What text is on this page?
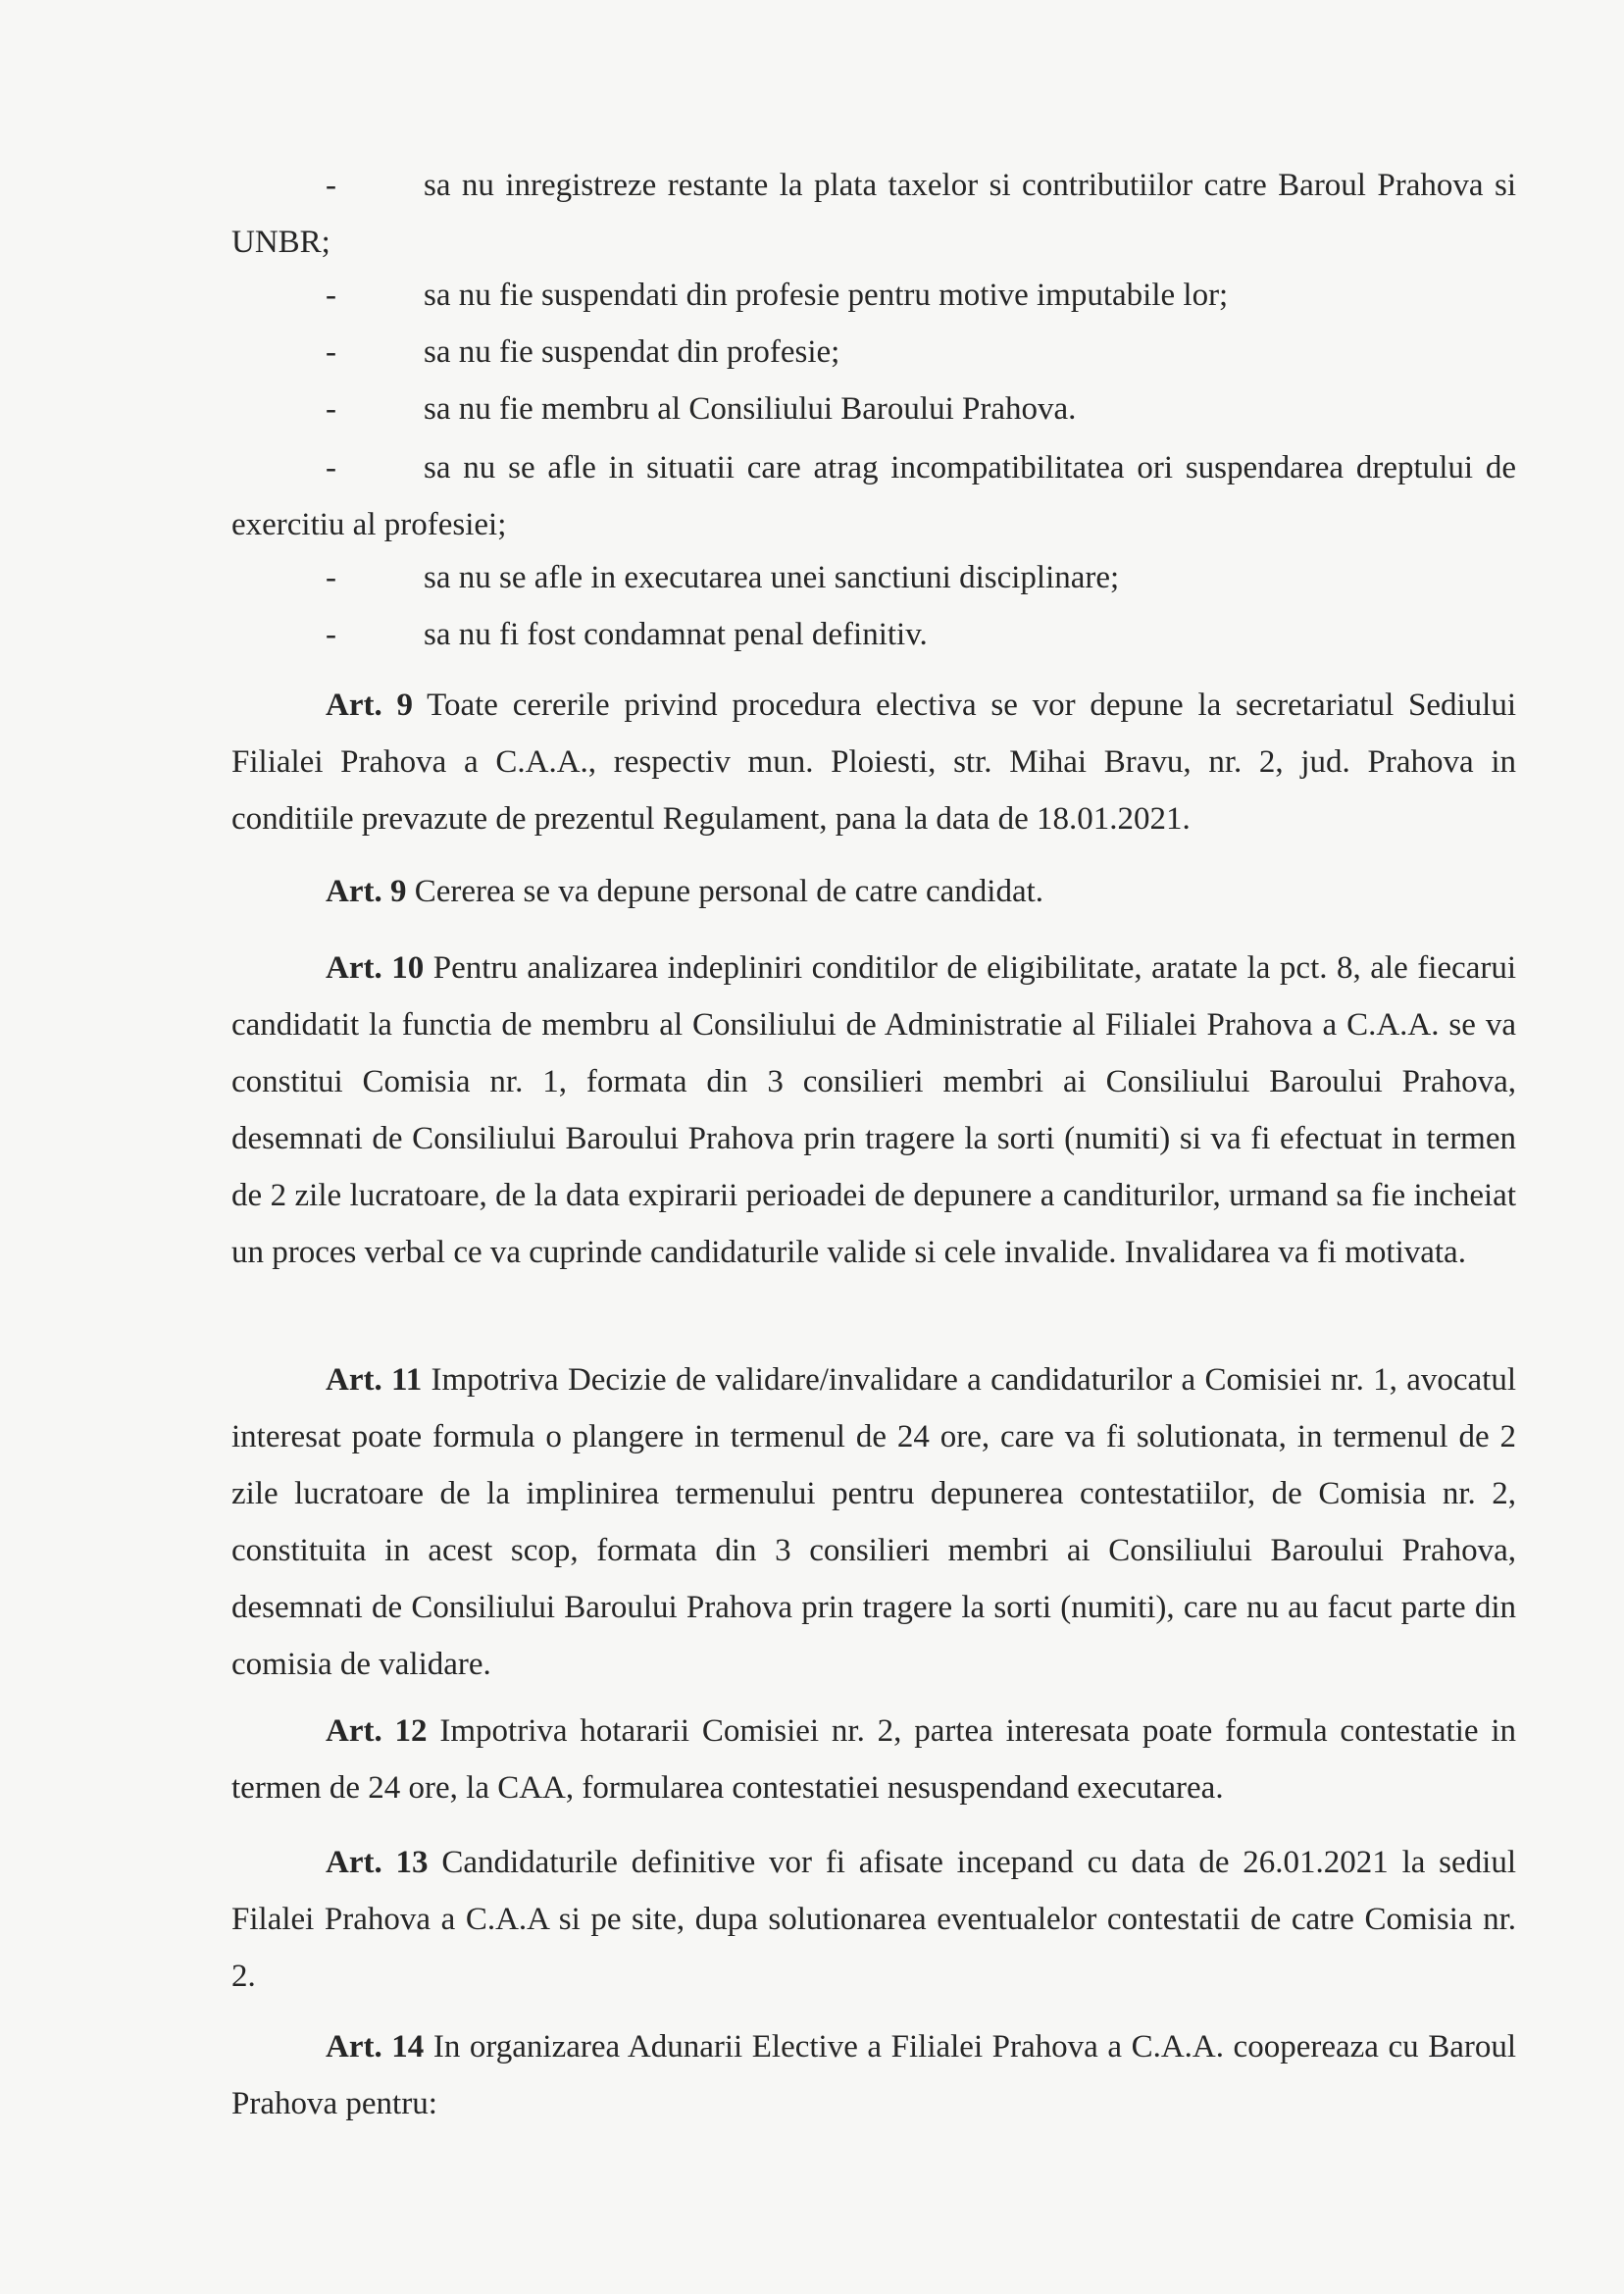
-	sa nu inregistreze restante la plata taxelor si contributiilor catre Baroul Prahova si
UNBR;
-	sa nu fie suspendati din profesie pentru motive imputabile lor;
-	sa nu fie suspendat din profesie;
-	sa nu fie membru al Consiliului Baroului Prahova.
-	sa nu se afle in situatii care atrag incompatibilitatea ori suspendarea dreptului de
exercitiu al profesiei;
-	sa nu se afle in executarea unei sanctiuni disciplinare;
-	sa nu fi fost condamnat penal definitiv.

Art. 9 Toate cererile privind procedura electiva se vor depune la secretariatul Sediului Filialei Prahova a C.A.A., respectiv mun. Ploiesti, str. Mihai Bravu, nr. 2, jud. Prahova in conditiile prevazute de prezentul Regulament, pana la data de 18.01.2021.

Art. 9 Cererea se va depune personal de catre candidat.

Art. 10 Pentru analizarea indepliniri conditilor de eligibilitate, aratate la pct. 8, ale fiecarui candidatit la functia de membru al Consiliului de Administratie al Filialei Prahova a C.A.A. se va constitui Comisia nr. 1, formata din 3 consilieri membri ai Consiliului Baroului Prahova, desemnati de Consiliului Baroului Prahova prin tragere la sorti (numiti) si va fi efectuat in termen de 2 zile lucratoare, de la data expirarii perioadei de depunere a canditurilor, urmand sa fie incheiat un proces verbal ce va cuprinde candidaturile valide si cele invalide. Invalidarea va fi motivata.

Art. 11 Impotriva Decizie de validare/invalidare a candidaturilor a Comisiei nr. 1, avocatul interesat poate formula o plangere in termenul de 24 ore, care va fi solutionata, in termenul de 2 zile lucratoare de la implinirea termenului pentru depunerea contestatiilor, de Comisia nr. 2, constituita in acest scop, formata din 3 consilieri membri ai Consiliului Baroului Prahova, desemnati de Consiliului Baroului Prahova prin tragere la sorti (numiti), care nu au facut parte din comisia de validare.

Art. 12 Impotriva hotararii Comisiei nr. 2, partea interesata poate formula contestatie in termen de 24 ore, la CAA, formularea contestatiei nesuspendand executarea.

Art. 13 Candidaturile definitive vor fi afisate incepand cu data de 26.01.2021 la sediul Filalei Prahova a C.A.A si pe site, dupa solutionarea eventualelor contestatii de catre Comisia nr. 2.

Art. 14 In organizarea Adunarii Elective a Filialei Prahova a C.A.A. coopereaza cu Baroul Prahova pentru:
